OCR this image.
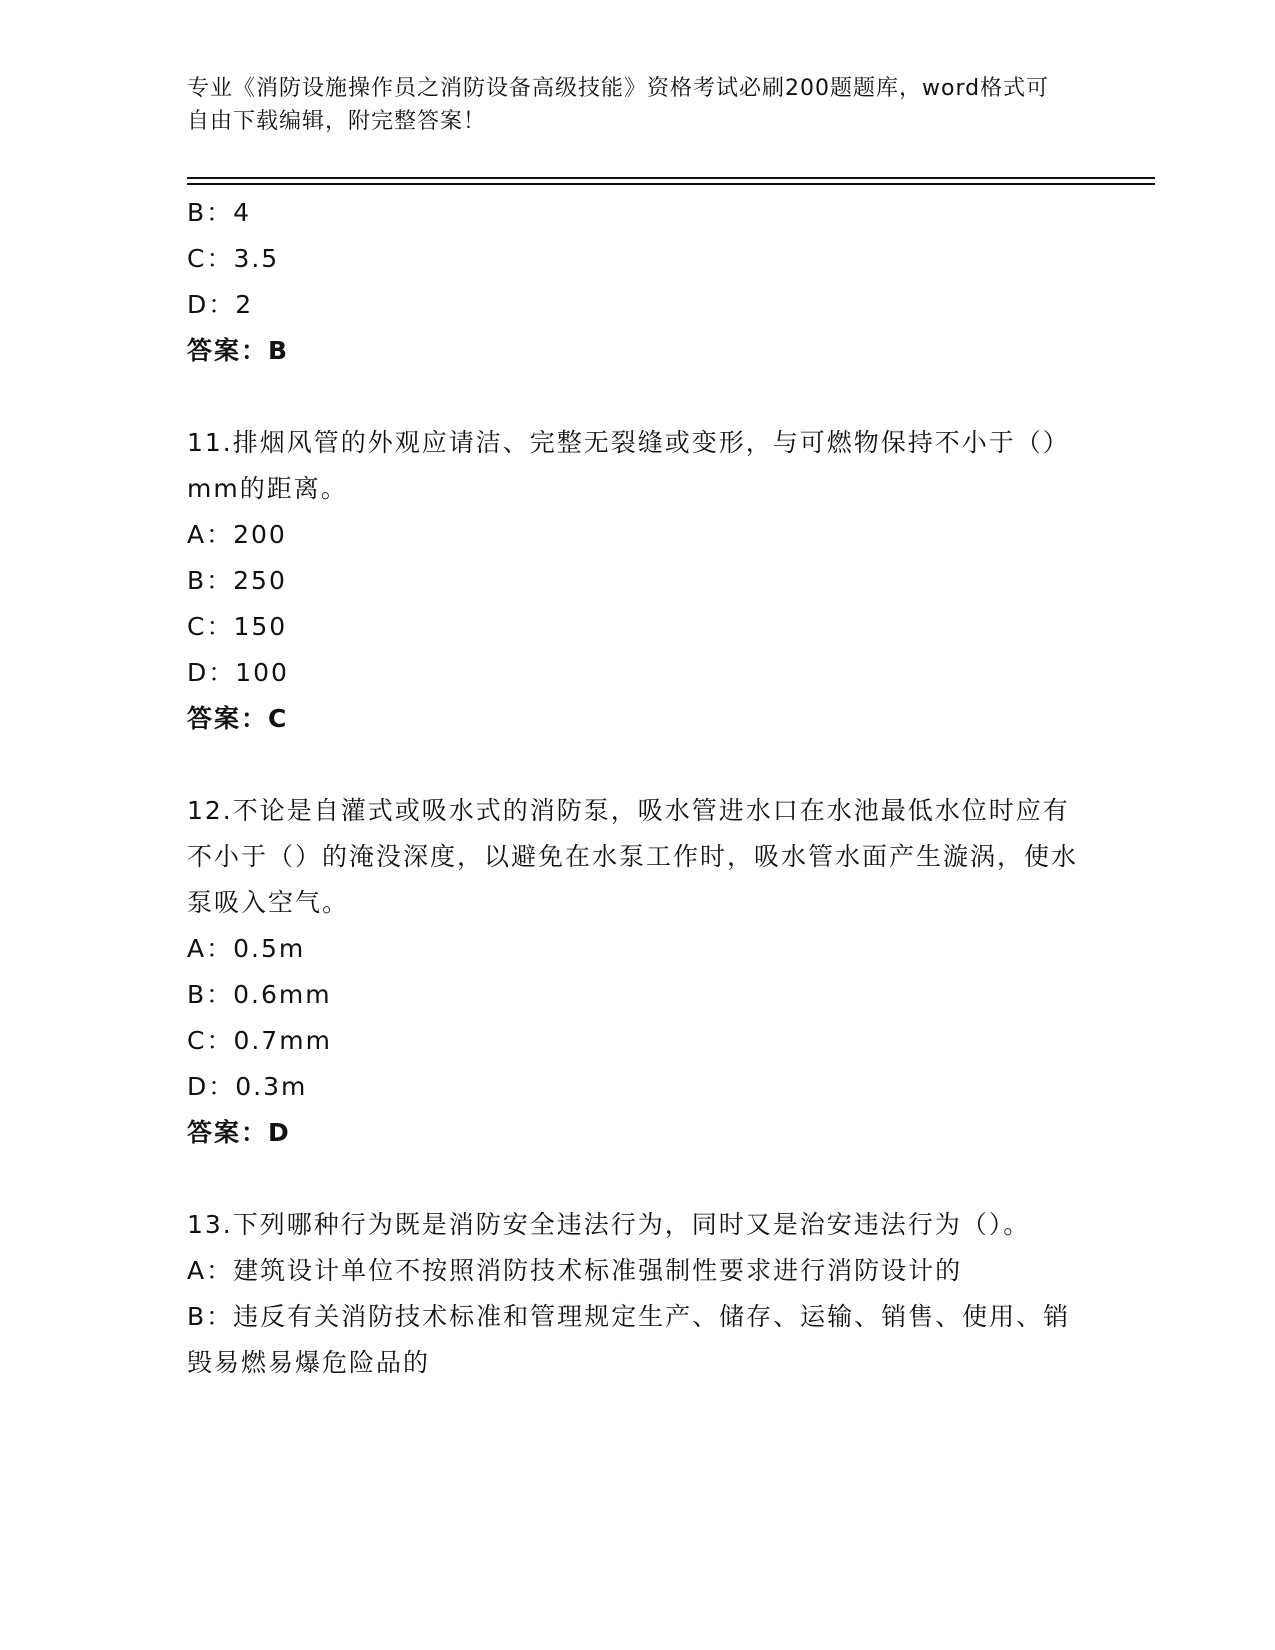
专业《消防设施操作员之消防设备高级技能》资格考试必刷200题题库，word格式可自由下载编辑，附完整答案！

B：4

C：3.5

D：2

答案：B

11.排烟风管的外观应请洁、完整无裂缝或变形，与可燃物保持不小于（）mm的距离。

A：200

B：250

C：150

D：100

答案：C

12.不论是自灌式或吸水式的消防泵，吸水管进水口在水池最低水位时应有不小于（）的淹没深度，以避免在水泵工作时，吸水管水面产生漩涡，使水泵吸入空气。

A：0.5m

B：0.6mm

C：0.7mm

D：0.3m

答案：D

13.下列哪种行为既是消防安全违法行为，同时又是治安违法行为（）。

A：建筑设计单位不按照消防技术标准强制性要求进行消防设计的

B：违反有关消防技术标准和管理规定生产、储存、运输、销售、使用、销毁易燃易爆危险品的
